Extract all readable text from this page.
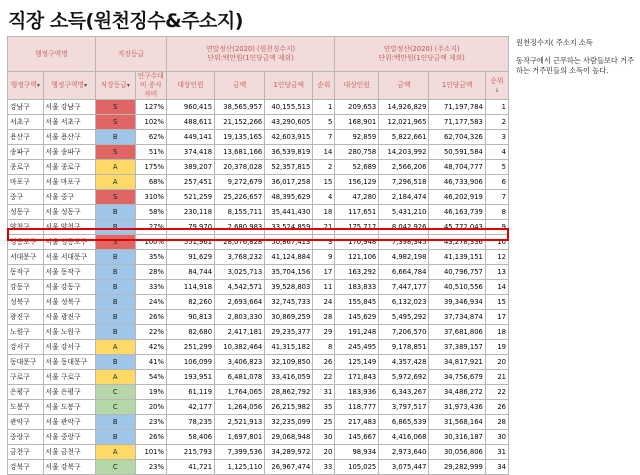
직장 소득(원천징수&주소지)
행정구역명		직장등급		연말정산(2020) (원천징수지)
단위:백만원(1인당금액 제외)				연말정산(2020) (주소지)
단위:백만원(1인당금액 제외)			
행정구역▾	행정구역명▾	직장등급▾	인구수대비 종사자비	대상인원	금액	1인당금액	순위	대상인원	금액	1인당금액	순위↓
강남구	서울 강남구	S	127%	960,415	38,565,957	40,155,513	1	209,653	14,926,829	71,197,784	1
서초구	서울 서초구	S	102%	488,611	21,152,266	43,290,605	5	168,901	12,021,965	71,177,583	2
용산구	서울 용산구	B	62%	449,141	19,135,165	42,603,915	7	92,859	5,822,661	62,704,326	3
송파구	서울 송파구	S	51%	374,418	13,681,166	36,539,819	14	280,758	14,203,992	50,591,584	4
종로구	서울 종로구	A	175%	389,207	20,378,028	52,357,815	2	52,689	2,566,206	48,704,777	5
마포구	서울 마포구	A	68%	257,451	9,272,679	36,017,258	15	156,129	7,296,518	46,733,906	6
중구	서울 중구	S	310%	521,259	25,226,657	48,395,629	4	47,280	2,184,474	46,202,919	7
성동구	서울 성동구	B	58%	230,118	8,155,711	35,441,430	18	117,651	5,431,210	46,163,739	8
양천구	서울 양천구	B	27%	79,970	2,680,983	33,524,859	21	175,717	8,042,926	45,772,043	9
영등포구	서울 영등포구	S	100%	551,961	28,076,828	50,867,413	3	170,948	7,398,345	43,278,336	10
서대문구	서울 서대문구	B	35%	91,629	3,768,232	41,124,884	9	121,106	4,982,198	41,139,151	12
동작구	서울 동작구	B	28%	84,744	3,025,713	35,704,156	17	163,292	6,664,784	40,796,757	13
강동구	서울 강동구	B	33%	114,918	4,542,571	39,528,803	11	183,833	7,447,177	40,510,556	14
성북구	서울 성북구	B	24%	82,260	2,693,664	32,745,733	24	155,845	6,132,023	39,346,934	15
광진구	서울 광진구	B	26%	90,813	2,803,330	30,869,259	28	145,629	5,495,292	37,734,874	17
노원구	서울 노원구	B	22%	82,680	2,417,181	29,235,377	29	191,248	7,206,570	37,681,806	18
강서구	서울 강서구	A	42%	251,299	10,382,464	41,315,182	8	245,495	9,178,851	37,389,157	19
동대문구	서울 동대문구	B	41%	106,099	3,406,823	32,109,850	26	125,149	4,357,428	34,817,921	20
구로구	서울 구로구	A	54%	193,951	6,481,078	33,416,059	22	171,843	5,972,692	34,756,679	21
은평구	서울 은평구	C	19%	61,119	1,764,065	28,862,792	31	183,936	6,343,267	34,486,272	22
도봉구	서울 도봉구	C	20%	42,177	1,264,056	26,215,982	35	118,777	3,797,517	31,973,436	26
관악구	서울 관악구	B	23%	78,235	2,521,913	32,235,099	25	217,483	6,865,539	31,568,164	28
중랑구	서울 중랑구	B	26%	58,406	1,697,801	29,068,948	30	145,667	4,416,068	30,316,187	30
금천구	서울 금천구	A	101%	215,793	7,399,536	34,289,972	20	98,934	2,973,640	30,056,806	31
강북구	서울 강북구	C	23%	41,721	1,125,110	26,967,474	33	105,025	3,075,447	29,282,999	34
원천징수지( 주소지 소득
동작구에서 근무하는 사람들보다 거주하는 거주민들의 소득이 높다.
